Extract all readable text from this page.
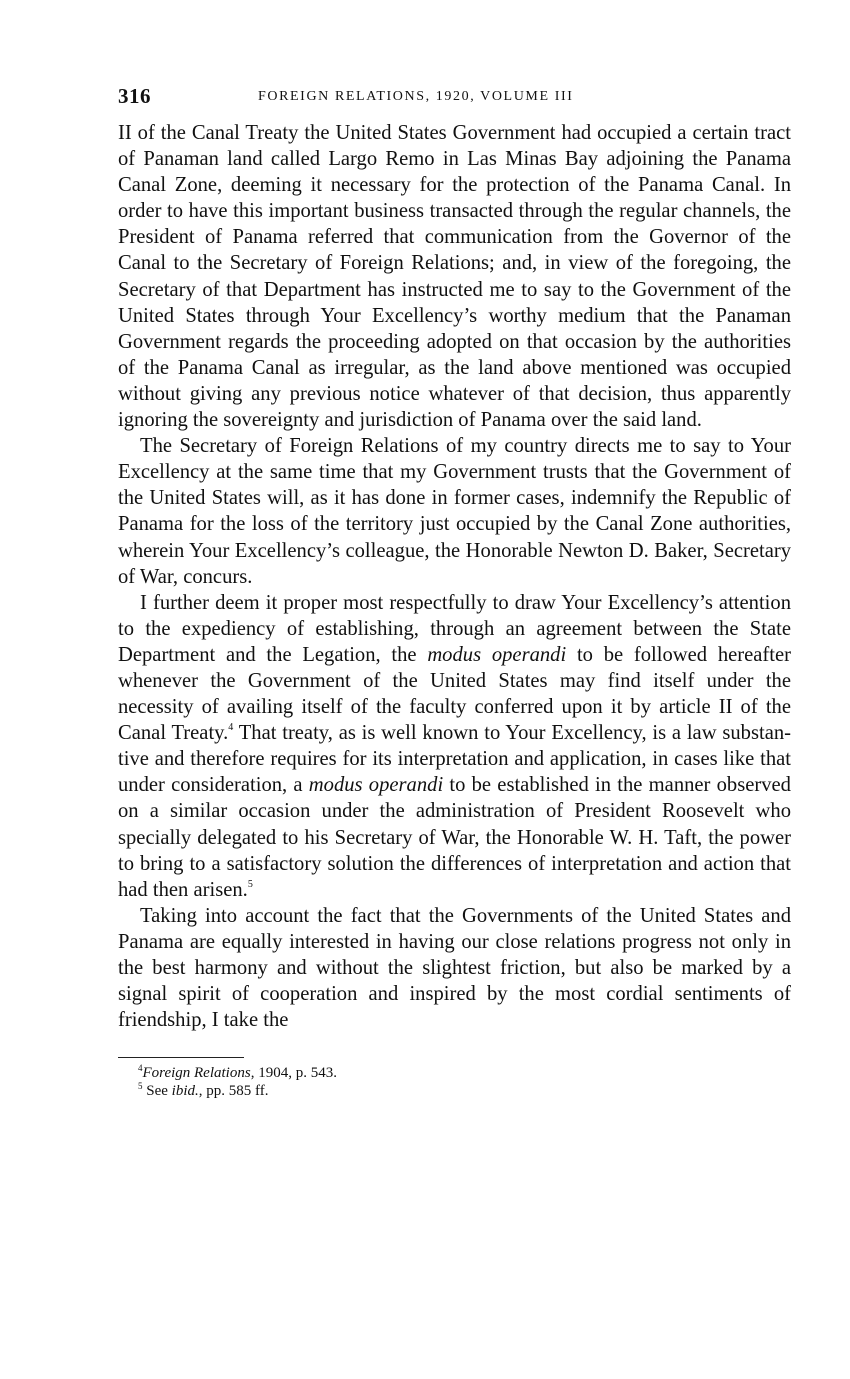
316	FOREIGN RELATIONS, 1920, VOLUME III

II of the Canal Treaty the United States Government had occupied a certain tract of Panaman land called Largo Remo in Las Minas Bay adjoining the Panama Canal Zone, deeming it necessary for the protection of the Panama Canal. In order to have this important business transacted through the regular channels, the President of Panama referred that communication from the Governor of the Canal to the Secretary of Foreign Relations; and, in view of the foregoing, the Secretary of that Department has instructed me to say to the Government of the United States through Your Excellency’s worthy medium that the Panaman Government regards the proceeding adopted on that occasion by the authorities of the Panama Canal as irregular, as the land above mentioned was occupied without giving any previous notice whatever of that decision, thus apparently ignoring the sovereignty and jurisdiction of Panama over the said land.

The Secretary of Foreign Relations of my country directs me to say to Your Excellency at the same time that my Government trusts that the Government of the United States will, as it has done in former cases, indemnify the Republic of Panama for the loss of the territory just occupied by the Canal Zone authorities, wherein Your Excellency’s colleague, the Honorable Newton D. Baker, Secretary of War, concurs.

I further deem it proper most respectfully to draw Your Excellency’s attention to the expediency of establishing, through an agreement between the State Department and the Legation, the modus operandi to be followed hereafter whenever the Government of the United States may find itself under the necessity of availing itself of the faculty conferred upon it by article II of the Canal Treaty.$^4$ That treaty, as is well known to Your Excellency, is a law substantive and therefore requires for its interpretation and application, in cases like that under consideration, a modus operandi to be established in the manner observed on a similar occasion under the administration of President Roosevelt who specially delegated to his Secretary of War, the Honorable W. H. Taft, the power to bring to a satisfactory solution the differences of interpretation and action that had then arisen.$^5$

Taking into account the fact that the Governments of the United States and Panama are equally interested in having our close relations progress not only in the best harmony and without the slightest friction, but also be marked by a signal spirit of cooperation and inspired by the most cordial sentiments of friendship, I take the

$^4$Foreign Relations, 1904, p. 543.
$^5$ See ibid., pp. 585 ff.
